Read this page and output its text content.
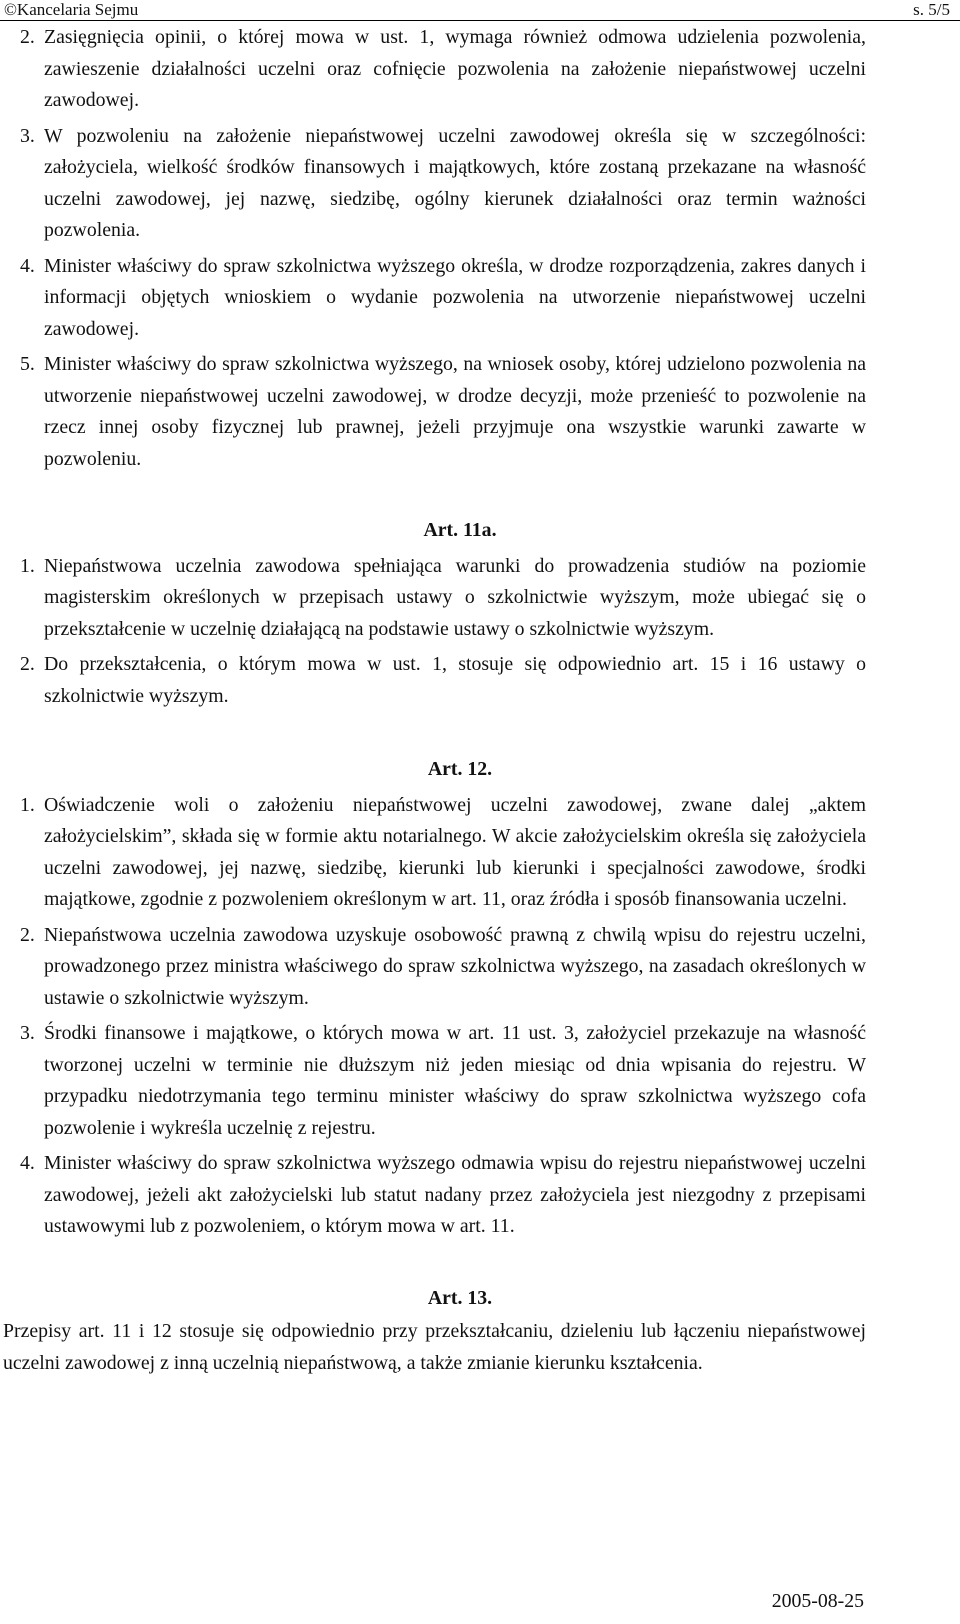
©Kancelaria Sejmu	s. 5/5

2. Zasięgnięcia opinii, o której mowa w ust. 1, wymaga również odmowa udzielenia pozwolenia, zawieszenie działalności uczelni oraz cofnięcie pozwolenia na założenie niepaństwowej uczelni zawodowej.

3. W pozwoleniu na założenie niepaństwowej uczelni zawodowej określa się w szczególności: założyciela, wielkość środków finansowych i majątkowych, które zostaną przekazane na własność uczelni zawodowej, jej nazwę, siedzibę, ogólny kierunek działalności oraz termin ważności pozwolenia.

4. Minister właściwy do spraw szkolnictwa wyższego określa, w drodze rozporządzenia, zakres danych i informacji objętych wnioskiem o wydanie pozwolenia na utworzenie niepaństwowej uczelni zawodowej.

5. Minister właściwy do spraw szkolnictwa wyższego, na wniosek osoby, której udzielono pozwolenia na utworzenie niepaństwowej uczelni zawodowej, w drodze decyzji, może przenieść to pozwolenie na rzecz innej osoby fizycznej lub prawnej, jeżeli przyjmuje ona wszystkie warunki zawarte w pozwoleniu.

Art. 11a.

1. Niepaństwowa uczelnia zawodowa spełniająca warunki do prowadzenia studiów na poziomie magisterskim określonych w przepisach ustawy o szkolnictwie wyższym, może ubiegać się o przekształcenie w uczelnię działającą na podstawie ustawy o szkolnictwie wyższym.

2. Do przekształcenia, o którym mowa w ust. 1, stosuje się odpowiednio art. 15 i 16 ustawy o szkolnictwie wyższym.

Art. 12.

1. Oświadczenie woli o założeniu niepaństwowej uczelni zawodowej, zwane dalej „aktem założycielskim”, składa się w formie aktu notarialnego. W akcie założycielskim określa się założyciela uczelni zawodowej, jej nazwę, siedzibę, kierunki lub kierunki i specjalności zawodowe, środki majątkowe, zgodnie z pozwoleniem określonym w art. 11, oraz źródła i sposób finansowania uczelni.

2. Niepaństwowa uczelnia zawodowa uzyskuje osobowość prawną z chwilą wpisu do rejestru uczelni, prowadzonego przez ministra właściwego do spraw szkolnictwa wyższego, na zasadach określonych w ustawie o szkolnictwie wyższym.

3. Środki finansowe i majątkowe, o których mowa w art. 11 ust. 3, założyciel przekazuje na własność tworzonej uczelni w terminie nie dłuższym niż jeden miesiąc od dnia wpisania do rejestru. W przypadku niedotrzymania tego terminu minister właściwy do spraw szkolnictwa wyższego cofa pozwolenie i wykreśla uczelnię z rejestru.

4. Minister właściwy do spraw szkolnictwa wyższego odmawia wpisu do rejestru niepaństwowej uczelni zawodowej, jeżeli akt założycielski lub statut nadany przez założyciela jest niezgodny z przepisami ustawowymi lub z pozwoleniem, o którym mowa w art. 11.

Art. 13.

Przepisy art. 11 i 12 stosuje się odpowiednio przy przekształcaniu, dzieleniu lub łączeniu niepaństwowej uczelni zawodowej z inną uczelnią niepaństwową, a także zmianie kierunku kształcenia.

2005-08-25
